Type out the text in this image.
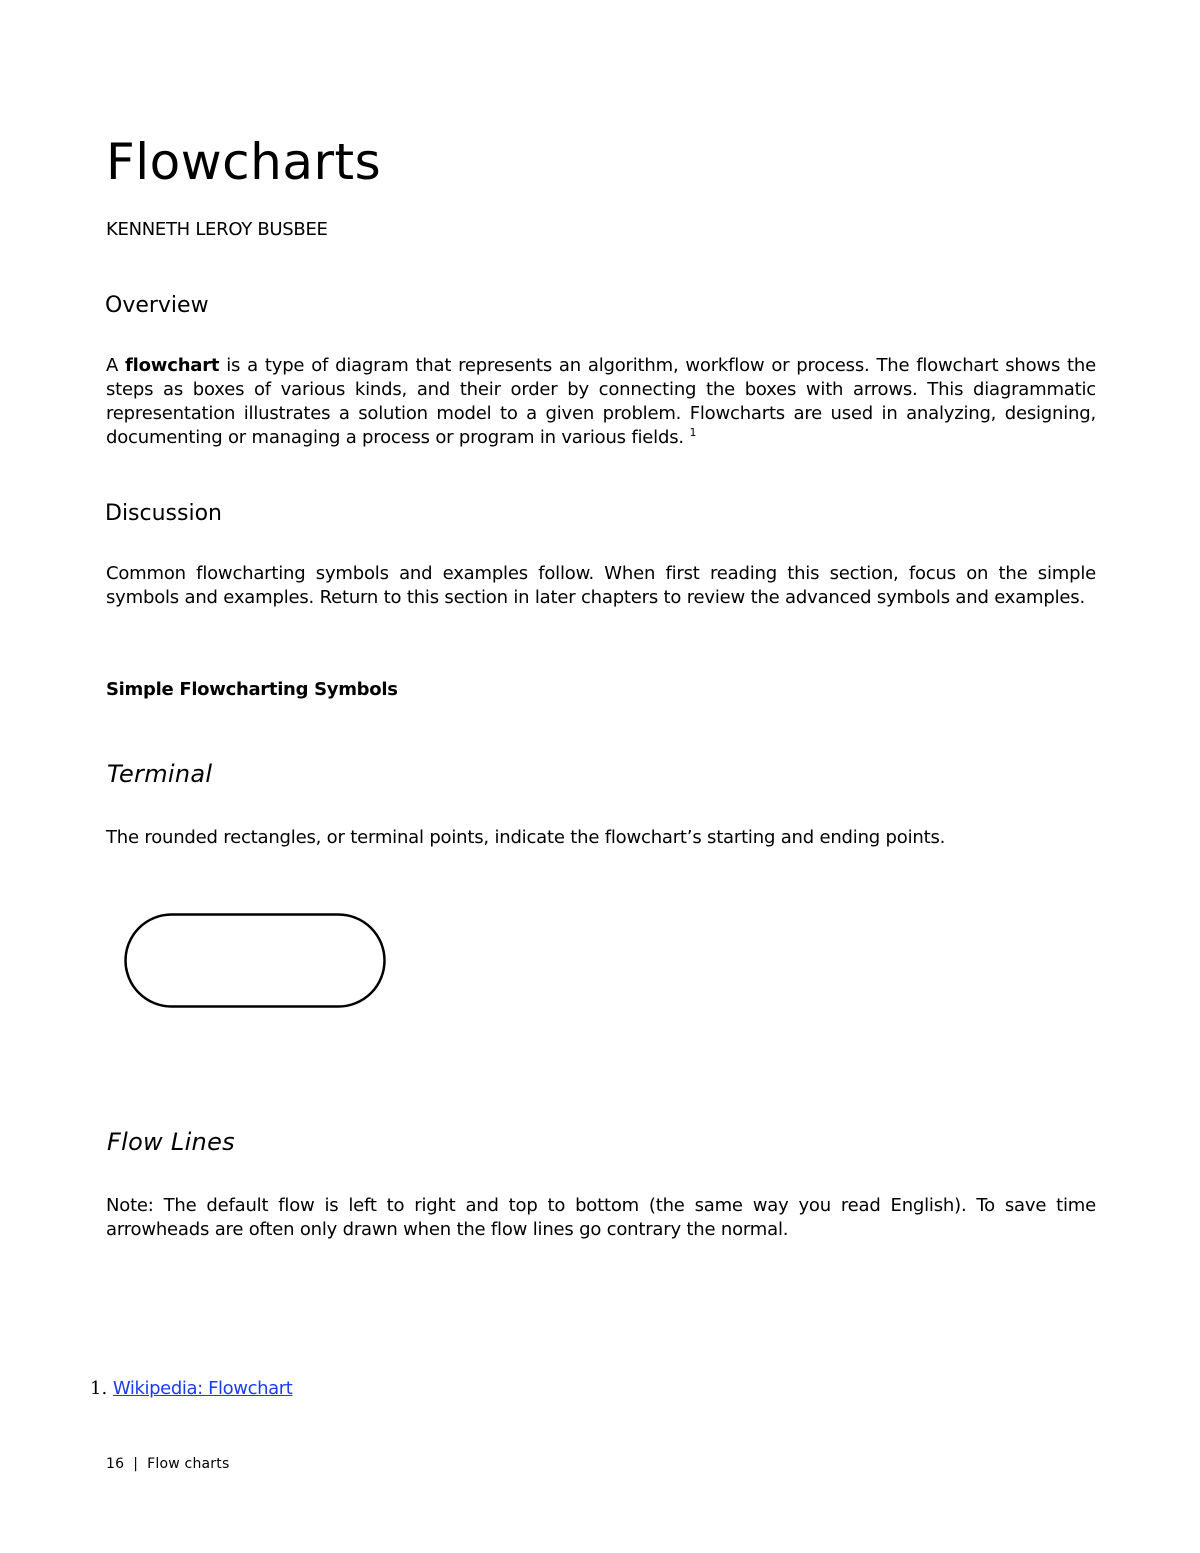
Flowcharts
KENNETH LEROY BUSBEE
Overview

A flowchart is a type of diagram that represents an algorithm, workflow or process. The flowchart shows the steps as boxes of various kinds, and their order by connecting the boxes with arrows. This diagrammatic representation illustrates a solution model to a given problem. Flowcharts are used in analyzing, designing, documenting or managing a process or program in various fields. $^1$

Discussion

Common flowcharting symbols and examples follow. When first reading this section, focus on the simple symbols and examples. Return to this section in later chapters to review the advanced symbols and examples.

Simple Flowcharting Symbols
Terminal

The rounded rectangles, or terminal points, indicate the flowchart’s starting and ending points.

Flow Lines

Note: The default flow is left to right and top to bottom (the same way you read English). To save time arrowheads are often only drawn when the flow lines go contrary the normal.

1. Wikipedia: Flowchart
16 | Flow charts
